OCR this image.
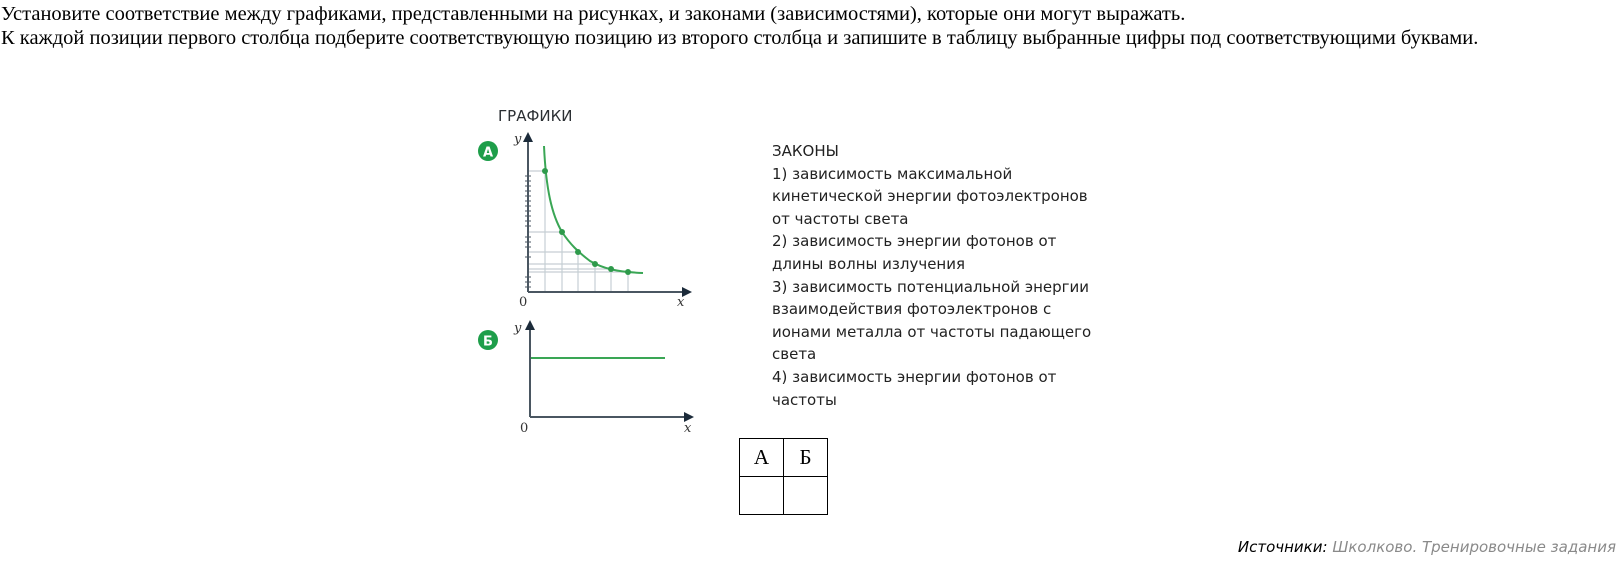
Установите соответствие между графиками, представленными на рисунках, и законами (зависимостями), которые они могут выражать.

К каждой позиции первого столбца подберите соответствующую позицию из второго столбца и запишите в таблицу выбранные цифры под соответствующими буквами.

ГРАФИКИ
А
y
0	x
Б
y
0	x
ЗАКОНЫ
1) зависимость максимальной
кинетической энергии фотоэлектронов
от частоты света
2) зависимость энергии фотонов от
длины волны излучения
3) зависимость потенциальной энергии
взаимодействия фотоэлектронов с
ионами металла от частоты падающего
света
4) зависимость энергии фотонов от
частоты
А	Б

Источники: Школково. Тренировочные задания
